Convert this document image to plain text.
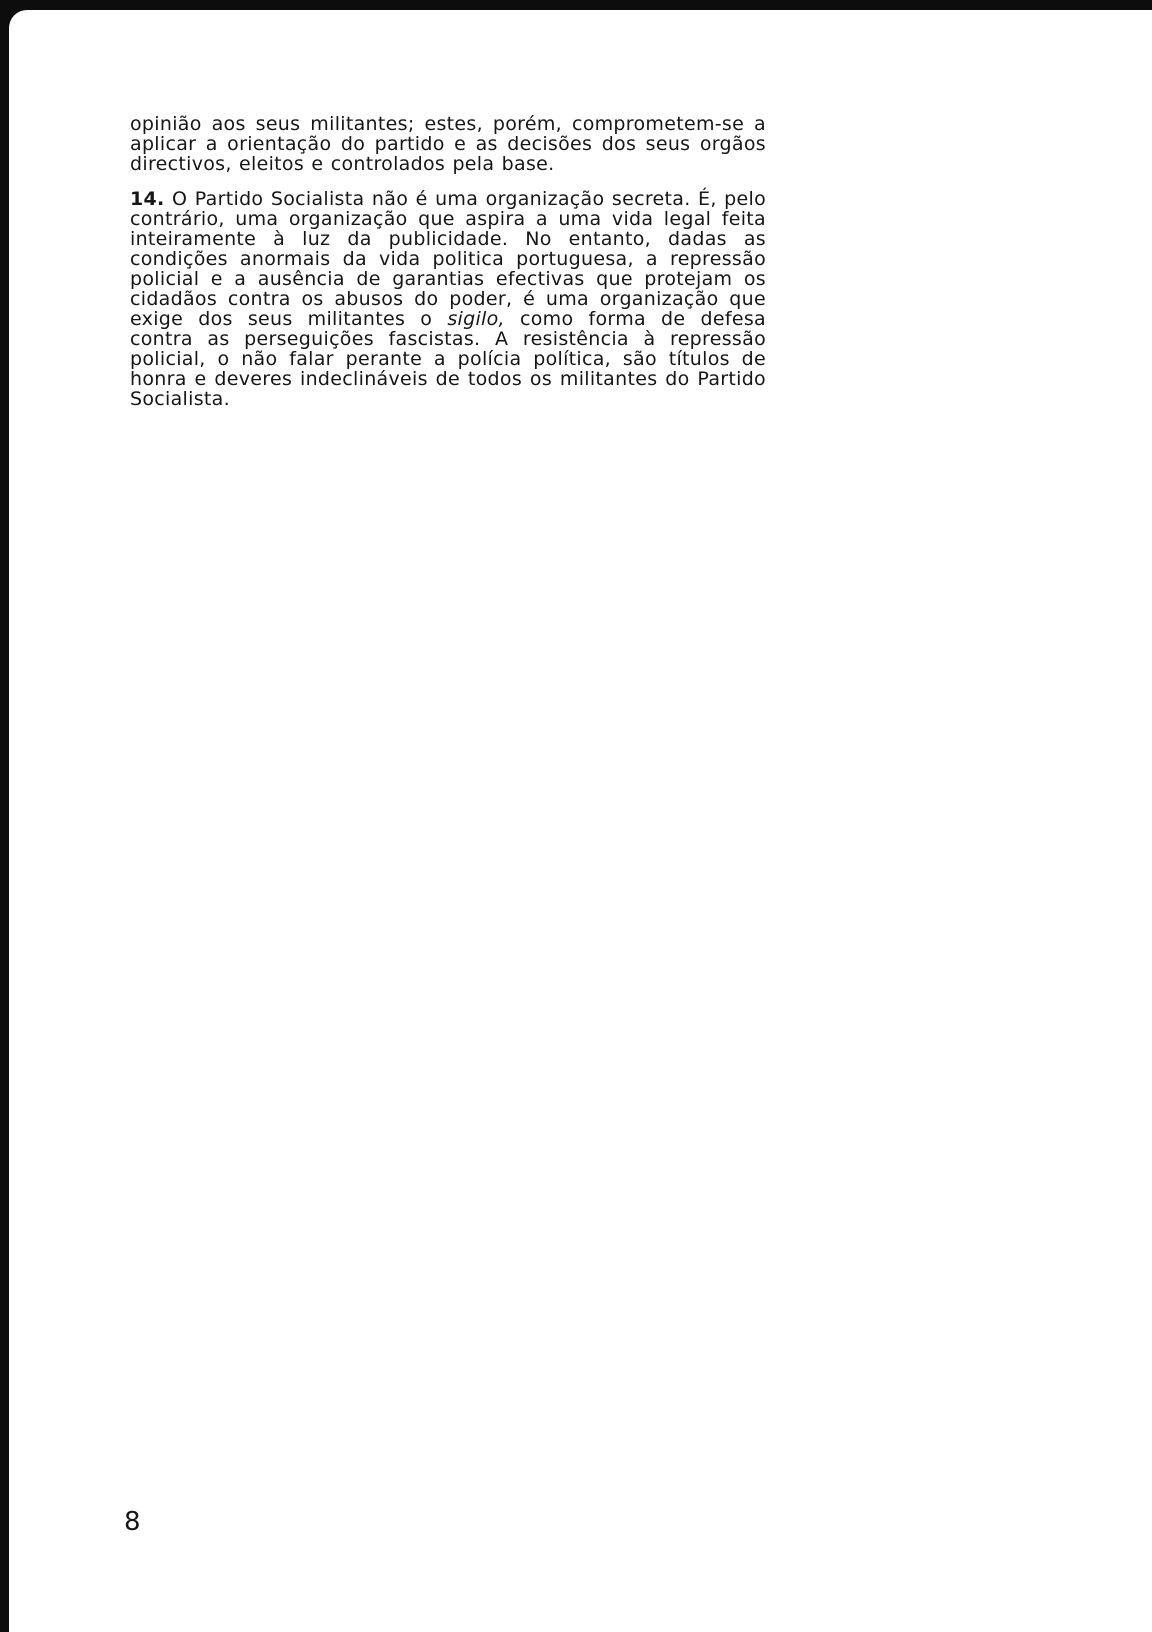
opinião aos seus militantes; estes, porém, comprometem-se a aplicar a orientação do partido e as decisões dos seus orgãos directivos, eleitos e controlados pela base.

14. O Partido Socialista não é uma organização secreta. É, pelo contrário, uma organização que aspira a uma vida legal feita inteiramente à luz da publicidade. No entanto, dadas as condições anormais da vida politica portuguesa, a repressão policial e a ausência de garantias efectivas que protejam os cidadãos contra os abusos do poder, é uma organização que exige dos seus militantes o sigilo, como forma de defesa contra as perseguições fascistas. A resistência à repressão policial, o não falar perante a polícia política, são títulos de honra e deveres indeclináveis de todos os militantes do Partido Socialista.

8
